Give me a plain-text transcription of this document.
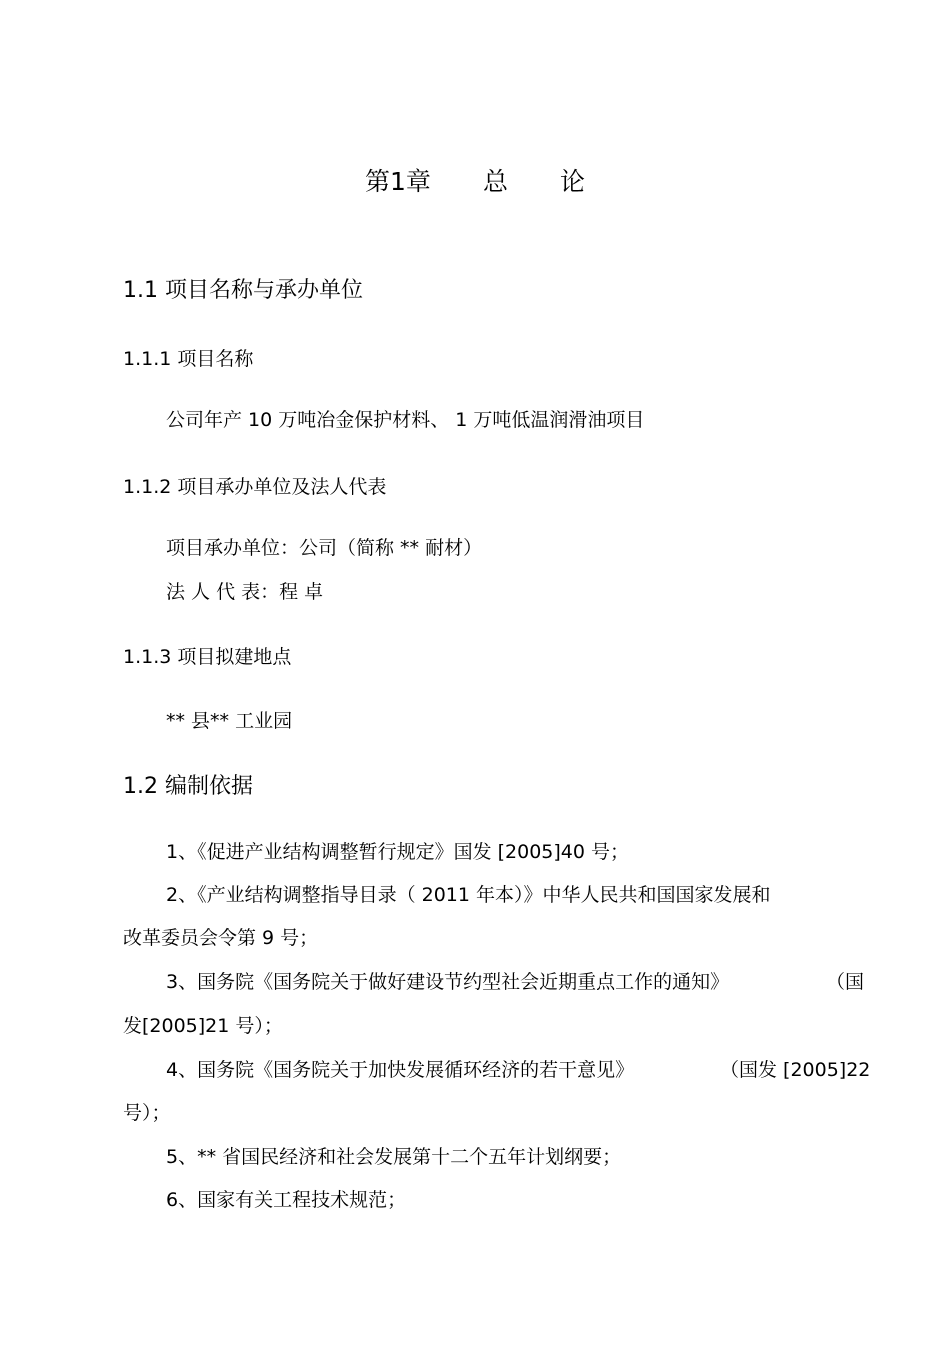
第1章 总 论

1.1 项目名称与承办单位

1.1.1 项目名称

公司年产 10 万吨冶金保护材料、 1 万吨低温润滑油项目

1.1.2 项目承办单位及法人代表

项目承办单位：公司（简称 ** 耐材）

法 人 代 表：程 卓

1.1.3 项目拟建地点

** 县** 工业园

1.2 编制依据

1、《促进产业结构调整暂行规定》国发 [2005]40 号；

2、《产业结构调整指导目录（ 2011 年本）》中华人民共和国国家发展和

改革委员会令第 9 号；

3、国务院《国务院关于做好建设节约型社会近期重点工作的通知》	（国

发[2005]21 号）；

4、国务院《国务院关于加快发展循环经济的若干意见》	（国发 [2005]22

号）；

5、** 省国民经济和社会发展第十二个五年计划纲要；

6、国家有关工程技术规范；
